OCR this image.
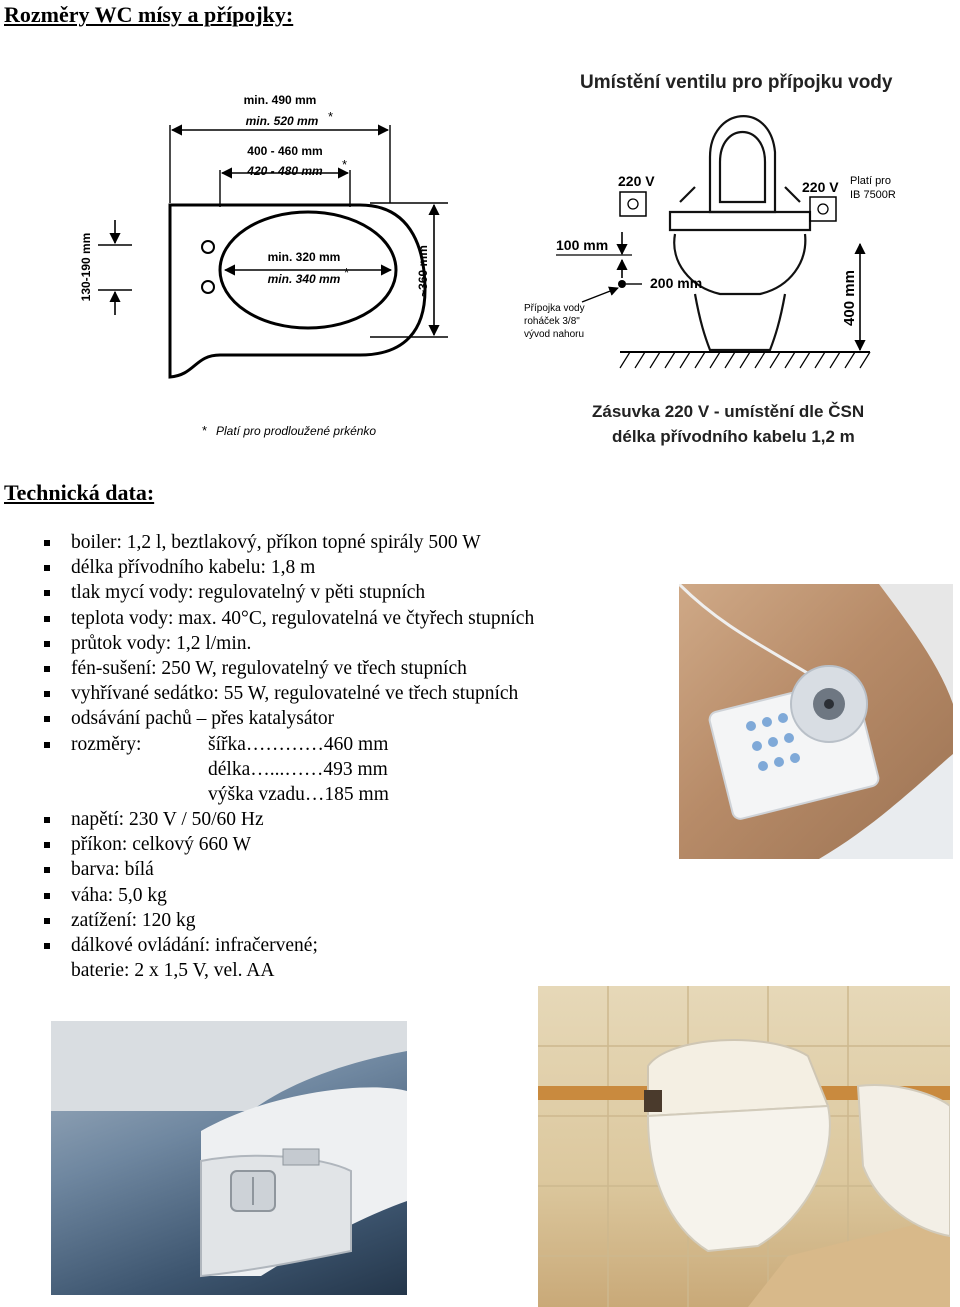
Rozměry WC mísy a přípojky:
min. 490 mm
min. 520 mm *
400 - 460 mm
420 - 480 mm *
min. 320 mm
min. 340 mm *
130-190 mm	~360 mm
* Platí pro prodloužené prkénko
Umístění ventilu pro přípojku vody
220 V	220 V Platí pro
IB 7500R
100 mm
200 mm	400 mm
Přípojka vody
roháček 3/8"
vývod nahoru
Zásuvka 220 V - umístění dle ČSN
délka přívodního kabelu 1,2 m
Technická data:
boiler: 1,2 l, beztlakový, příkon topné spirály 500 W
délka přívodního kabelu: 1,8 m
tlak mycí vody: regulovatelný v pěti stupních
teplota vody: max. 40°C, regulovatelná ve čtyřech stupních
průtok vody: 1,2 l/min.
fén-sušení: 250 W, regulovatelný ve třech stupních
vyhřívané sedátko: 55 W, regulovatelné ve třech stupních
odsávání pachů – přes katalysátor
rozměry:	šířka…………460 mm
délka…...……493 mm
výška vzadu…185 mm
napětí: 230 V / 50/60 Hz
příkon: celkový 660 W
barva: bílá
váha: 5,0 kg
zatížení: 120 kg
dálkové ovládání: infračervené;
baterie: 2 x 1,5 V, vel. AA
